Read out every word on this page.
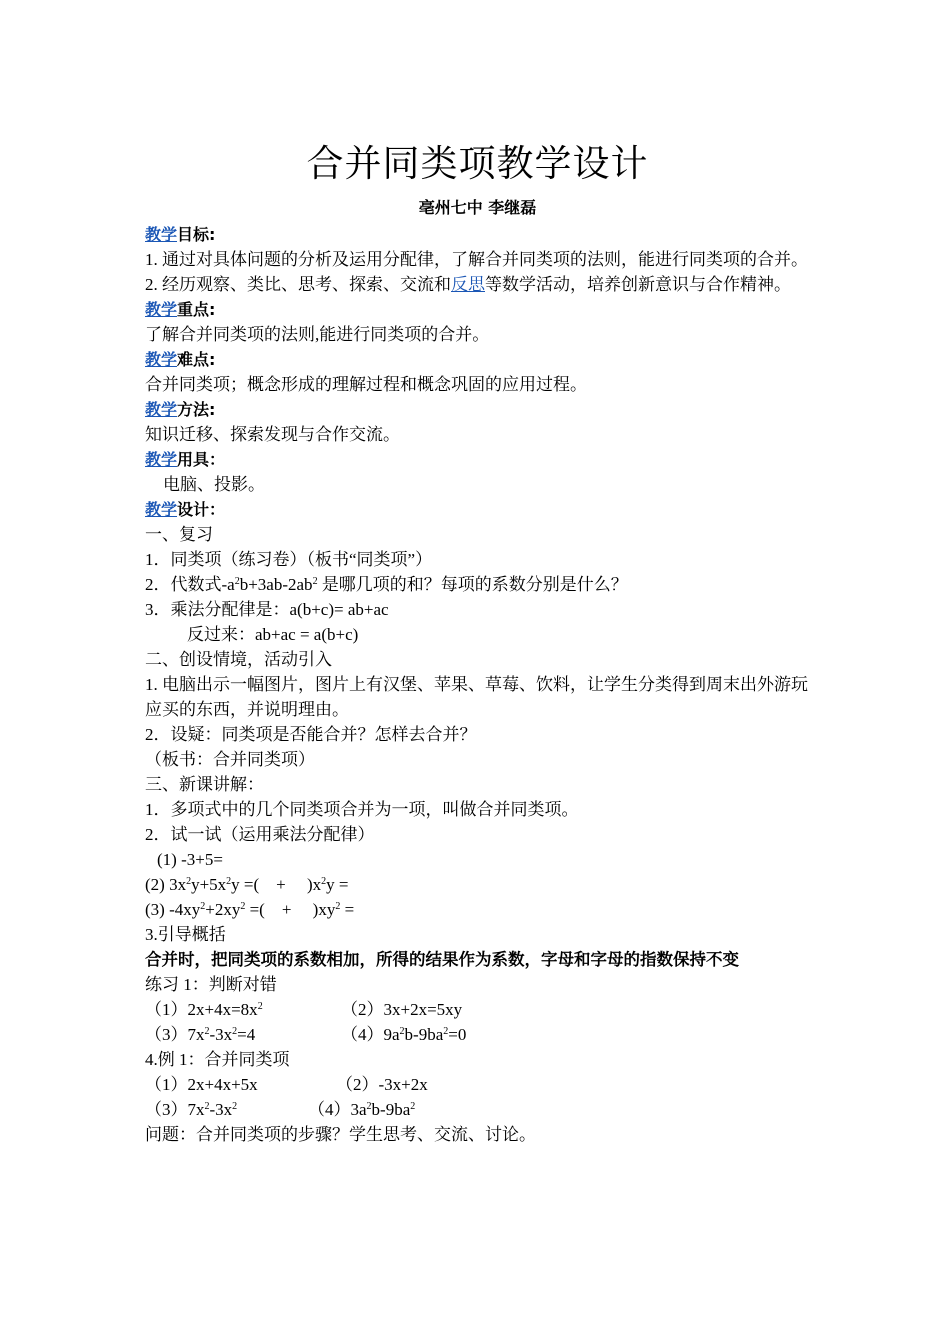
合并同类项教学设计
亳州七中 李继磊
教学目标:
1. 通过对具体问题的分析及运用分配律，了解合并同类项的法则，能进行同类项的合并。
2. 经历观察、类比、思考、探索、交流和反思等数学活动，培养创新意识与合作精神。
教学重点:
了解合并同类项的法则,能进行同类项的合并。
教学难点:
合并同类项；概念形成的理解过程和概念巩固的应用过程。
教学方法:
知识迁移、探索发现与合作交流。
教学用具：
电脑、投影。
教学设计：
一、复习
1．同类项（练习卷）（板书“同类项”）
2．代数式$-a^2b+3ab-2ab^2$ 是哪几项的和？每项的系数分别是什么？
3．乘法分配律是：a(b+c)= ab+ac
反过来：ab+ac = a(b+c)
二、创设情境，活动引入
1. 电脑出示一幅图片，图片上有汉堡、苹果、草莓、饮料，让学生分类得到周末出外游玩应买的东西，并说明理由。
2．设疑：同类项是否能合并？怎样去合并？
（板书：合并同类项）
三、新课讲解：
1．多项式中的几个同类项合并为一项，叫做合并同类项。
2．试一试（运用乘法分配律）
(1) -3+5=
(2) $3x^2y+5x^2y$ =(    +     )$x^2y$ =
(3) $-4xy^2+2xy^2$ =(    +     )$xy^2$ =
3.引导概括
合并时，把同类项的系数相加，所得的结果作为系数，字母和字母的指数保持不变
练习 1：判断对错
$(1)2x+4x=8x^2$	（2）3x+2x=5xy
$(3)7x^2-3x^2=4$	$(4)9a^2b-9ba^2=0$
4.例 1：合并同类项
（1）2x+4x+5x	（2）-3x+2x
$(3)7x^2-3x^2$	$(4)3a^2b-9ba^2$
问题：合并同类项的步骤？学生思考、交流、讨论。
